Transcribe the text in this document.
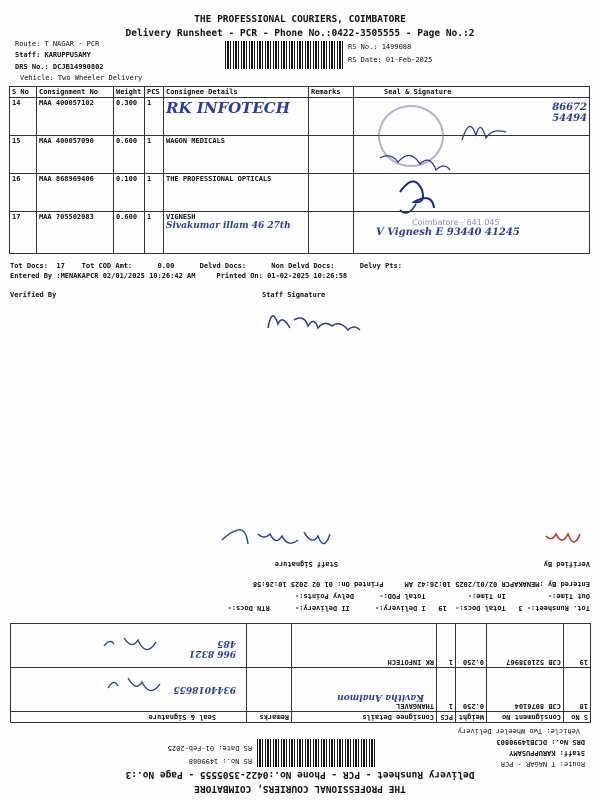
THE PROFESSIONAL COURIERS, COIMBATORE
Delivery Runsheet - PCR - Phone No.:0422-3505555 - Page No.:2
Route: T NAGAR - PCR
Staff: KARUPPUSAMY
DRS No.: DCJB14990802
Vehicle: Two Wheeler Delivery
RS No.: 1499088
RS Date: 01-Feb-2025
S No	Consignment No	Weight	PCS	Consignee Details	Remarks	Seal & Signature
14	MAA 400057102	0.300	1	RK INFOTECH		86672 54494

15	MAA 400057090	0.600	1	WAGON MEDICALS		
16	MAA 868969406	0.100	1	THE PROFESSIONAL OPTICALS		
17	MAA 705502083	0.600	1	VIGNESH
Sivakumar illam 46 27th		V Vignesh E 93440 41245
Coimbatore - 641 045
Tot Docs:  17    Tot COD Amt:      0.00      Delvd Docs:      Non Delvd Docs:      Delvy Pts:
Entered By :MENAKAPCR 02/01/2025 10:26:42 AM     Printed On: 01-02-2025 10:26:58
Verified By	Staff Signature
THE PROFESSIONAL COURIERS, COIMBATORE
Delivery Runsheet - PCR - Phone No.:0422-3505555 - Page No.:3
Route: T NAGAR - PCR
Staff: KARUPPUSAMY
DRS No.: DCJB14990803
Vehicle: Two Wheeler Delivery
RS No.: 1499088
RS Date: 01-Feb-2025
S No	Consignment No	Weight	PCS	Consignee Details	Remarks	Seal & Signature
18	CJB 8076104	0.250	1	THANGAVEL
Kavitha Analmon		9344018655

19	CJB 521038967	0.250	1	RK INFOTECH		966 8321 485
Tot. Runsheet:- 3   Total Docs:-  19   I Delivery:-      II Delivery:-      RTN Docs:-
Out Time:-          In Time:-          Total POD:-      Delvy Points:-
Entered By :MENAKAPCR 02/01/2025 10:26:42 AM     Printed On: 01 02 2025 10:26:58
Verified By
Staff Signature
